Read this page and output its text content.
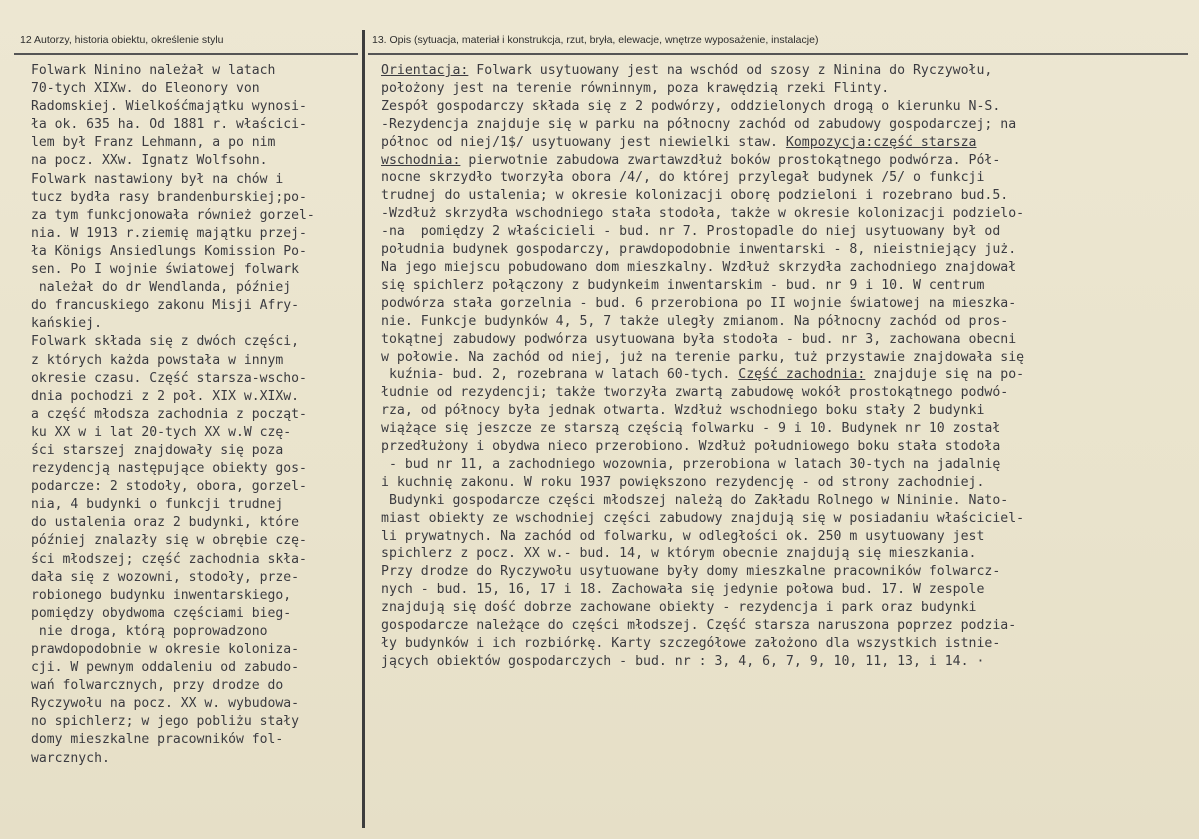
12 Autorzy, historia obiektu, określenie stylu	13. Opis (sytuacja, materiał i konstrukcja, rzut, bryła, elewacje, wnętrze wyposażenie, instalacje)
Folwark Ninino należał w latach
70-tych XIXw. do Eleonory von
Radomskiej. Wielkośćmajątku wynosi-
ła ok. 635 ha. Od 1881 r. właścici-
lem był Franz Lehmann, a po nim
na pocz. XXw. Ignatz Wolfsohn.
Folwark nastawiony był na chów i
tucz bydła rasy brandenburskiej;po-
za tym funkcjonowała również gorzel-
nia. W 1913 r.ziemię majątku przej-
ła Königs Ansiedlungs Komission Po-
sen. Po I wojnie światowej folwark
należał do dr Wendlanda, później
do francuskiego zakonu Misji Afry-
kańskiej.
Folwark składa się z dwóch części,
z których każda powstała w innym
okresie czasu. Część starsza-wscho-
dnia pochodzi z 2 poł. XIX w.XIXw.
a część młodsza zachodnia z począt-
ku XX w i lat 20-tych XX w.W czę-
ści starszej znajdowały się poza
rezydencją następujące obiekty gos-
podarcze: 2 stodoły, obora, gorzel-
nia, 4 budynki o funkcji trudnej
do ustalenia oraz 2 budynki, które
później znalazły się w obrębie czę-
ści młodszej; część zachodnia skła-
dała się z wozowni, stodoły, prze-
robionego budynku inwentarskiego,
pomiędzy obydwoma częściami bieg-
nie droga, którą poprowadzono
prawdopodobnie w okresie koloniza-
cji. W pewnym oddaleniu od zabudo-
wań folwarcznych, przy drodze do
Ryczywołu na pocz. XX w. wybudowa-
no spichlerz; w jego pobliżu stały
domy mieszkalne pracowników fol-
warcznych.
Orientacja: Folwark usytuowany jest na wschód od szosy z Ninina do Ryczywołu,
położony jest na terenie równinnym, poza krawędzią rzeki Flinty.
Zespół gospodarczy składa się z 2 podwórzy, oddzielonych drogą o kierunku N-S.
-Rezydencja znajduje się w parku na północny zachód od zabudowy gospodarczej; na
północ od niej/1$/ usytuowany jest niewielki staw. Kompozycja:część starsza
wschodnia: pierwotnie zabudowa zwartawzdłuż boków prostokątnego podwórza. Pół-
nocne skrzydło tworzyła obora /4/, do której przylegał budynek /5/ o funkcji
trudnej do ustalenia; w okresie kolonizacji oborę podzieloni i rozebrano bud.5.
-Wzdłuż skrzydła wschodniego stała stodoła, także w okresie kolonizacji podzielo-
-na  pomiędzy 2 właścicieli - bud. nr 7. Prostopadle do niej usytuowany był od
południa budynek gospodarczy, prawdopodobnie inwentarski - 8, nieistniejący już.
Na jego miejscu pobudowano dom mieszkalny. Wzdłuż skrzydła zachodniego znajdował
się spichlerz połączony z budynkeim inwentarskim - bud. nr 9 i 10. W centrum
podwórza stała gorzelnia - bud. 6 przerobiona po II wojnie światowej na mieszka-
nie. Funkcje budynków 4, 5, 7 także uległy zmianom. Na północny zachód od pros-
tokątnej zabudowy podwórza usytuowana była stodoła - bud. nr 3, zachowana obecni
w połowie. Na zachód od niej, już na terenie parku, tuż przystawie znajdowała się
kuźnia- bud. 2, rozebrana w latach 60-tych. Część zachodnia: znajduje się na po-
łudnie od rezydencji; także tworzyła zwartą zabudowę wokół prostokątnego podwó-
rza, od północy była jednak otwarta. Wzdłuż wschodniego boku stały 2 budynki
wiążące się jeszcze ze starszą częścią folwarku - 9 i 10. Budynek nr 10 został
przedłużony i obydwa nieco przerobiono. Wzdłuż południowego boku stała stodoła
- bud nr 11, a zachodniego wozownia, przerobiona w latach 30-tych na jadalnię
i kuchnię zakonu. W roku 1937 powiększono rezydencję - od strony zachodniej.
Budynki gospodarcze części młodszej należą do Zakładu Rolnego w Nininie. Nato-
miast obiekty ze wschodniej części zabudowy znajdują się w posiadaniu właściciel-
li prywatnych. Na zachód od folwarku, w odległości ok. 250 m usytuowany jest
spichlerz z pocz. XX w.- bud. 14, w którym obecnie znajdują się mieszkania.
Przy drodze do Ryczywołu usytuowane były domy mieszkalne pracowników folwarcz-
nych - bud. 15, 16, 17 i 18. Zachowała się jedynie połowa bud. 17. W zespole
znajdują się dość dobrze zachowane obiekty - rezydencja i park oraz budynki
gospodarcze należące do części młodszej. Część starsza naruszona poprzez podzia-
ły budynków i ich rozbiórkę. Karty szczegółowe założono dla wszystkich istnie-
jących obiektów gospodarczych - bud. nr : 3, 4, 6, 7, 9, 10, 11, 13, i 14. ·
